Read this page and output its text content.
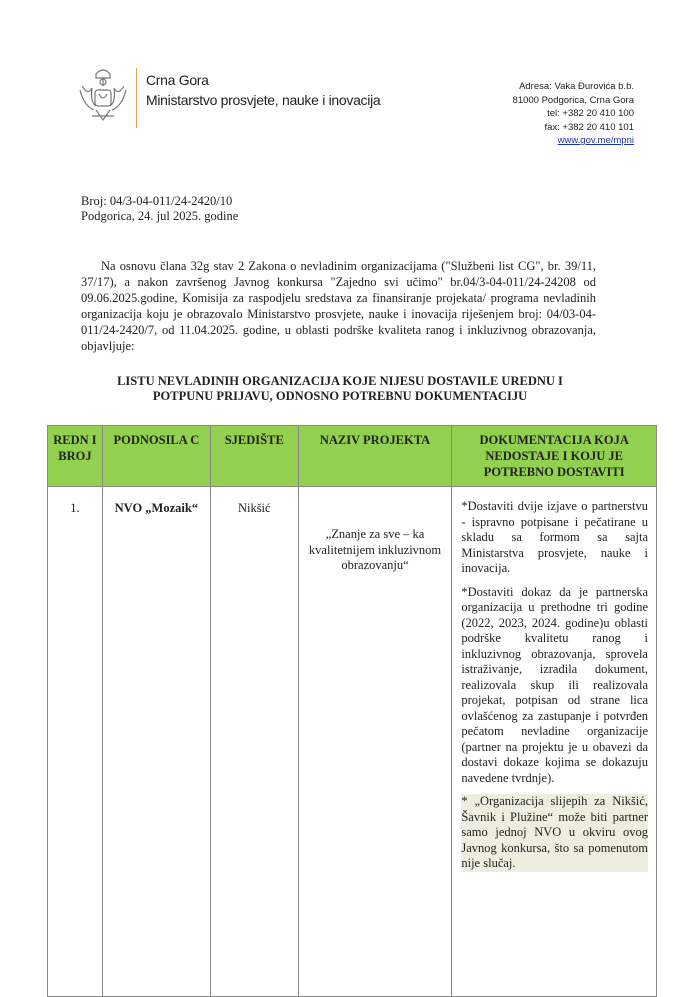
Crna Gora
Ministarstvo prosvjete, nauke i inovacija
Adresa: Vaka Đurovića b.b.
81000 Podgorica, Crna Gora
tel: +382 20 410 100
fax: +382 20 410 101
www.gov.me/mpni
Broj: 04/3-04-011/24-2420/10
Podgorica, 24. jul 2025. godine
Na osnovu člana 32g stav 2 Zakona o nevladinim organizacijama ("Službeni list CG", br. 39/11, 37/17), a nakon završenog Javnog konkursa "Zajedno svi učimo" br.04/3-04-011/24-24208 od 09.06.2025.godine, Komisija za raspodjelu sredstava za finansiranje projekata/ programa nevladinih organizacija koju je obrazovalo Ministarstvo prosvjete, nauke i inovacija riješenjem broj: 04/03-04-011/24-2420/7, od 11.04.2025. godine, u oblasti podrške kvaliteta ranog i inkluzivnog obrazovanja, objavljuje:
LISTU NEVLADINIH ORGANIZACIJA KOJE NIJESU DOSTAVILE UREDNU I
POTPUNU PRIJAVU, ODNOSNO POTREBNU DOKUMENTACIJU
REDN I BROJ	PODNOSILA C	SJEDIŠTE	NAZIV PROJEKTA	DOKUMENTACIJA KOJA NEDOSTAJE I KOJU JE POTREBNO DOSTAVITI
1.	NVO „Mozaik“	Nikšić	„Znanje za sve – ka kvalitetnijem inkluzivnom obrazovanju“	*Dostaviti dvije izjave o partnerstvu - ispravno potpisane i pečatirane u skladu sa formom sa sajta Ministarstva prosvjete, nauke i inovacija.

*Dostaviti dokaz da je partnerska organizacija u prethodne tri godine (2022, 2023, 2024. godine)u oblasti podrške kvalitetu ranog i inkluzivnog obrazovanja, sprovela istraživanje, izradila dokument, realizovala skup ili realizovala projekat, potpisan od strane lica ovlašćenog za zastupanje i potvrđen pečatom nevladine organizacije (partner na projektu je u obavezi da dostavi dokaze kojima se dokazuju navedene tvrdnje).

* „Organizacija slijepih za Nikšić, Šavnik i Plužine“ može biti partner samo jednoj NVO u okviru ovog Javnog konkursa, što sa pomenutom nije slučaj.
